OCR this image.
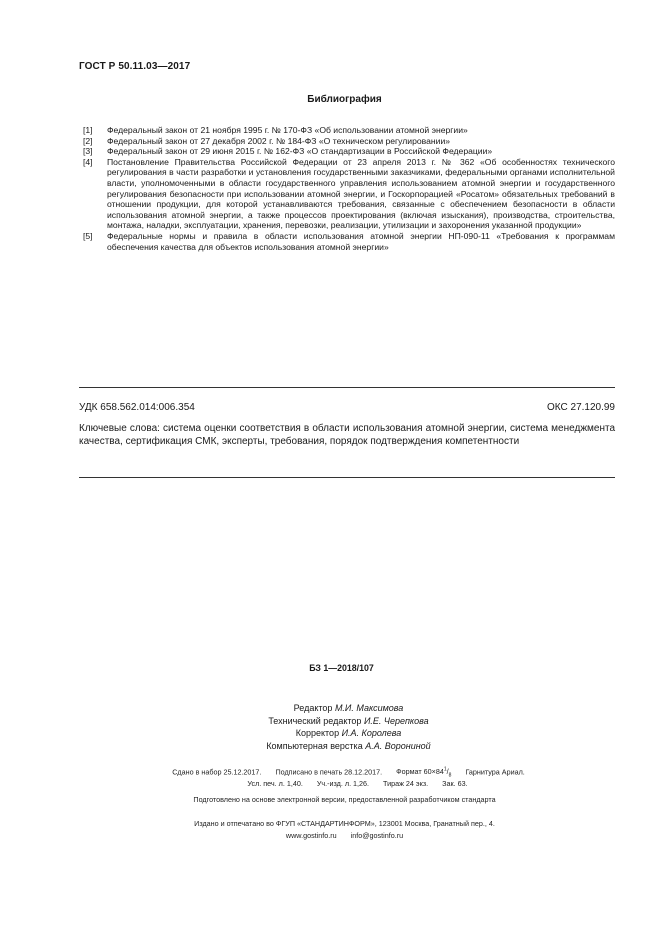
ГОСТ Р 50.11.03—2017
Библиография
[1]	Федеральный закон от 21 ноября 1995 г. № 170-ФЗ «Об использовании атомной энергии»
[2]	Федеральный закон от 27 декабря 2002 г. № 184-ФЗ «О техническом регулировании»
[3]	Федеральный закон от 29 июня 2015 г. № 162-ФЗ «О стандартизации в Российской Федерации»
[4]	Постановление Правительства Российской Федерации от 23 апреля 2013 г. № 362 «Об особенностях технического регулирования в части разработки и установления государственными заказчиками, федеральными органами исполнительной власти, уполномоченными в области государственного управления использованием атомной энергии и государственного регулирования безопасности при использовании атомной энергии, и Госкорпорацией «Росатом» обязательных требований в отношении продукции, для которой устанавливаются требования, связанные с обеспечением безопасности в области использования атомной энергии, а также процессов проектирования (включая изыскания), производства, строительства, монтажа, наладки, эксплуатации, хранения, перевозки, реализации, утилизации и захоронения указанной продукции»
[5]	Федеральные нормы и правила в области использования атомной энергии НП-090-11 «Требования к программам обеспечения качества для объектов использования атомной энергии»
УДК 658.562.014:006.354	ОКС 27.120.99
Ключевые слова: система оценки соответствия в области использования атомной энергии, система менеджмента качества, сертификация СМК, эксперты, требования, порядок подтверждения компетентности
БЗ 1—2018/107
Редактор М.И. Максимова
Технический редактор И.Е. Черепкова
Корректор И.А. Королева
Компьютерная верстка А.А. Ворониной
Сдано в набор 25.12.2017. Подписано в печать 28.12.2017. Формат $60\times 84^1/_8$ Гарнитура Ариал.
Усл. печ. л. 1,40. Уч.-изд. л. 1,26. Тираж 24 экз. Зак. 63.
Подготовлено на основе электронной версии, предоставленной разработчиком стандарта
Издано и отпечатано во ФГУП «СТАНДАРТИНФОРМ», 123001 Москва, Гранатный пер., 4.
www.gostinfo.ru info@gostinfo.ru
